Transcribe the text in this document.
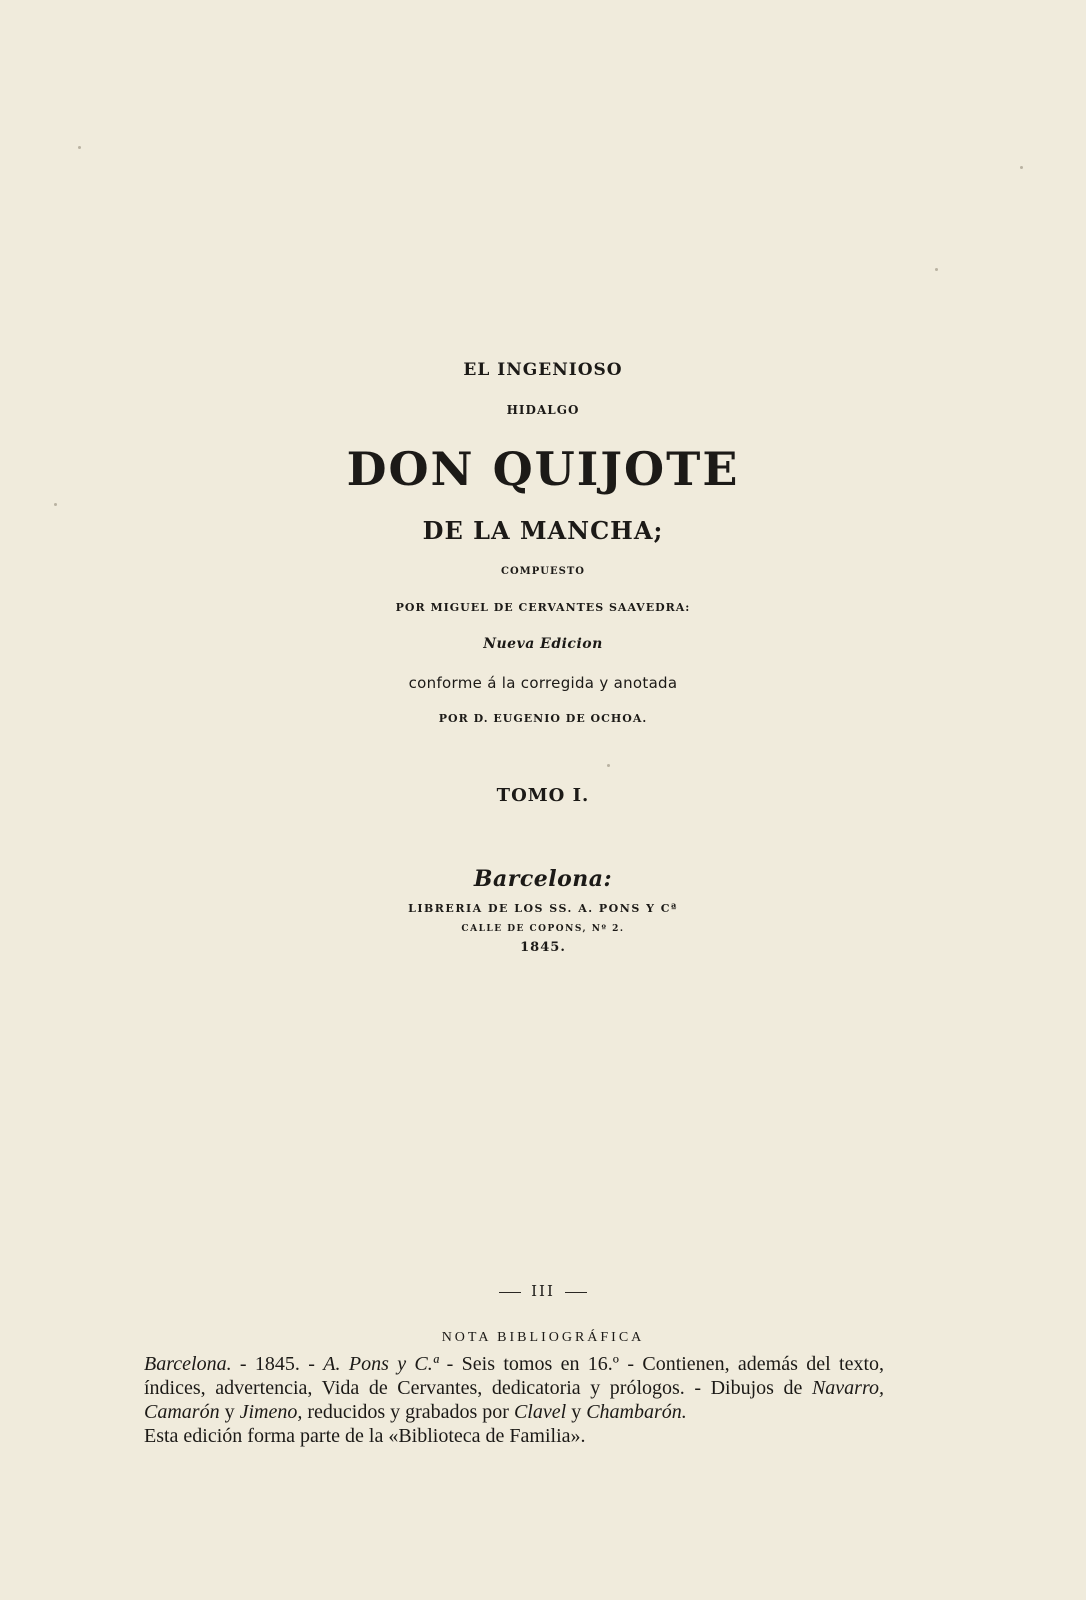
EL INGENIOSO
HIDALGO
DON QUIJOTE
DE LA MANCHA;
COMPUESTO
POR MIGUEL DE CERVANTES SAAVEDRA:
Nueva Edicion
conforme á la corregida y anotada
POR D. EUGENIO DE OCHOA.
TOMO I.
Barcelona:
LIBRERIA DE LOS SS. A. PONS Y Cª
CALLE DE COPONS, Nº 2.
1845.
III
NOTA BIBLIOGRÁFICA

Barcelona. - 1845. - A. Pons y C.ª - Seis tomos en 16.º - Contienen, además del texto, índices, advertencia, Vida de Cervantes, dedicatoria y prólogos. - Dibujos de Navarro, Camarón y Jimeno, reducidos y grabados por Clavel y Chambarón.

Esta edición forma parte de la «Biblioteca de Familia».
